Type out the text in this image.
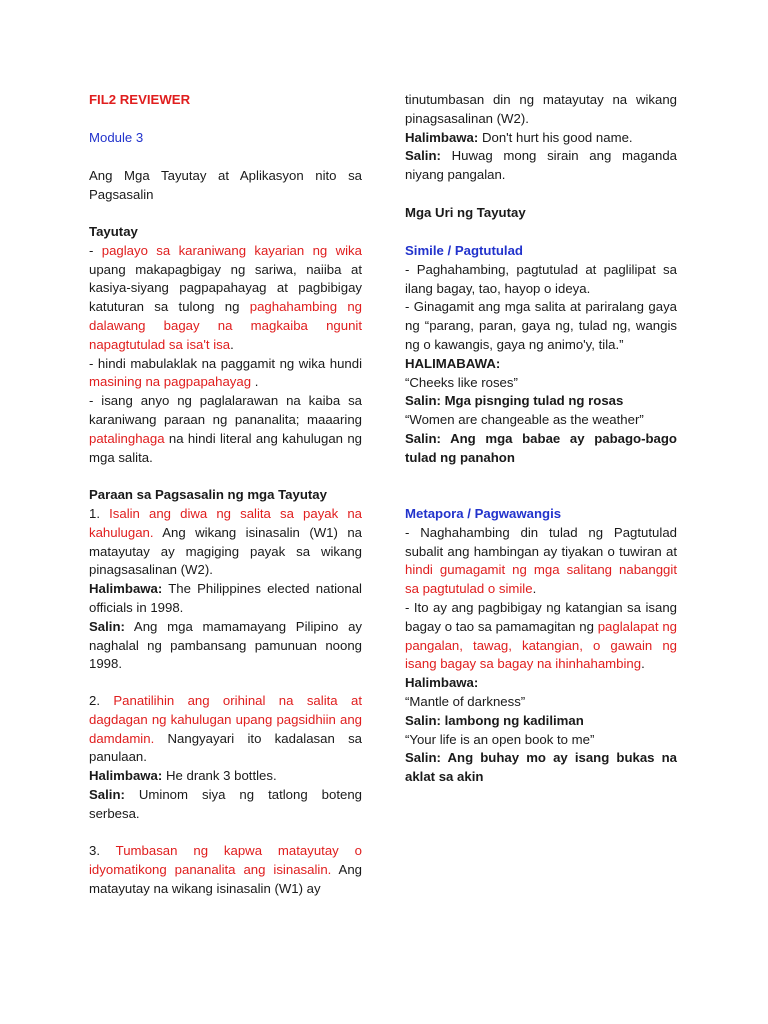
FIL2 REVIEWER

Module 3

Ang Mga Tayutay at Aplikasyon nito sa Pagsasalin

Tayutay

- paglayo sa karaniwang kayarian ng wika upang makapagbigay ng sariwa, naiiba at kasiya-siyang pagpapahayag at pagbibigay katuturan sa tulong ng paghahambing ng dalawang bagay na magkaiba ngunit napagtutulad sa isa't isa.

- hindi mabulaklak na paggamit ng wika hundi masining na pagpapahayag .

- isang anyo ng paglalarawan na kaiba sa karaniwang paraan ng pananalita; maaaring patalinghaga na hindi literal ang kahulugan ng mga salita.

Paraan sa Pagsasalin ng mga Tayutay

1. Isalin ang diwa ng salita sa payak na kahulugan. Ang wikang isinasalin (W1) na matayutay ay magiging payak sa wikang pinagsasalinan (W2).

Halimbawa: The Philippines elected national officials in 1998.

Salin: Ang mga mamamayang Pilipino ay naghalal ng pambansang pamunuan noong 1998.

2. Panatilihin ang orihinal na salita at dagdagan ng kahulugan upang pagsidhiin ang damdamin. Nangyayari ito kadalasan sa panulaan.

Halimbawa: He drank 3 bottles.

Salin: Uminom siya ng tatlong boteng serbesa.

3. Tumbasan ng kapwa matayutay o idyomatikong pananalita ang isinasalin. Ang matayutay na wikang isinasalin (W1) ay

tinutumbasan din ng matayutay na wikang pinagsasalinan (W2).

Halimbawa: Don't hurt his good name.

Salin: Huwag mong sirain ang maganda niyang pangalan.

Mga Uri ng Tayutay

Simile / Pagtutulad

- Paghahambing, pagtutulad at paglilipat sa ilang bagay, tao, hayop o ideya.

- Ginagamit ang mga salita at pariralang gaya ng “parang, paran, gaya ng, tulad ng, wangis ng o kawangis, gaya ng animo'y, tila.”

HALIMABAWA:

“Cheeks like roses”

Salin: Mga pisnging tulad ng rosas

“Women are changeable as the weather”

Salin: Ang mga babae ay pabago-bago tulad ng panahon

Metapora / Pagwawangis

- Naghahambing din tulad ng Pagtutulad subalit ang hambingan ay tiyakan o tuwiran at hindi gumagamit ng mga salitang nabanggit sa pagtutulad o simile.

- Ito ay ang pagbibigay ng katangian sa isang bagay o tao sa pamamagitan ng paglalapat ng pangalan, tawag, katangian, o gawain ng isang bagay sa bagay na ihinhahambing.

Halimbawa:

“Mantle of darkness”

Salin: lambong ng kadiliman

“Your life is an open book to me”

Salin: Ang buhay mo ay isang bukas na aklat sa akin
